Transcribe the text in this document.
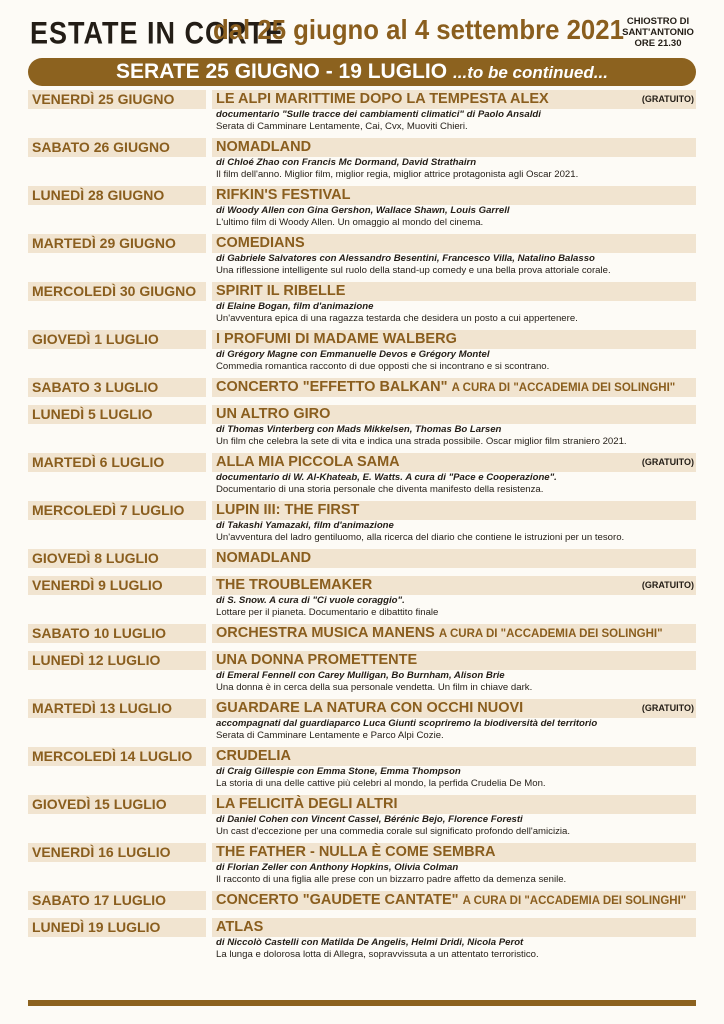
ESTATE IN CORTE
dal 25 giugno al 4 settembre 2021 CHIOSTRO DI
SANT'ANTONIO
ORE 21.30
SERATE 25 GIUGNO - 19 LUGLIO ...to be continued...
VENERDÌ 25 GIUGNO	LE ALPI MARITTIME DOPO LA TEMPESTA ALEX	(GRATUITO)
documentario "Sulle tracce dei cambiamenti climatici" di Paolo Ansaldi
Serata di Camminare Lentamente, Cai, Cvx, Muoviti Chieri.
SABATO 26 GIUGNO	NOMADLAND
di Chloé Zhao con Francis Mc Dormand, David Strathairn
Il film dell'anno. Miglior film, miglior regia, miglior attrice protagonista agli Oscar 2021.
LUNEDÌ 28 GIUGNO	RIFKIN'S FESTIVAL
di Woody Allen con Gina Gershon, Wallace Shawn, Louis Garrell
L'ultimo film di Woody Allen. Un omaggio al mondo del cinema.
MARTEDÌ 29 GIUGNO	COMEDIANS
di Gabriele Salvatores con Alessandro Besentini, Francesco Villa, Natalino Balasso
Una riflessione intelligente sul ruolo della stand-up comedy e una bella prova attoriale corale.
MERCOLEDÌ 30 GIUGNO	SPIRIT IL RIBELLE
di Elaine Bogan, film d'animazione
Un'avventura epica di una ragazza testarda che desidera un posto a cui appertenere.
GIOVEDÌ 1 LUGLIO	I PROFUMI DI MADAME WALBERG
di Grégory Magne con Emmanuelle Devos e Grégory Montel
Commedia romantica racconto di due opposti che si incontrano e si scontrano.
SABATO 3 LUGLIO	CONCERTO "EFFETTO BALKAN" A CURA DI "ACCADEMIA DEI SOLINGHI"
LUNEDÌ 5 LUGLIO	UN ALTRO GIRO
di Thomas Vinterberg con Mads Mikkelsen, Thomas Bo Larsen
Un film che celebra la sete di vita e indica una strada possibile. Oscar miglior film straniero 2021.
MARTEDÌ 6 LUGLIO	ALLA MIA PICCOLA SAMA	(GRATUITO)
documentario di W. Al-Khateab, E. Watts. A cura di "Pace e Cooperazione".
Documentario di una storia personale che diventa manifesto della resistenza.
MERCOLEDÌ 7 LUGLIO	LUPIN III: THE FIRST
di Takashi Yamazaki, film d'animazione
Un'avventura del ladro gentiluomo, alla ricerca del diario che contiene le istruzioni per un tesoro.
GIOVEDÌ 8 LUGLIO	NOMADLAND
VENERDÌ 9 LUGLIO	THE TROUBLEMAKER	(GRATUITO)
di S. Snow. A cura di "Ci vuole coraggio".
Lottare per il pianeta. Documentario e dibattito finale
SABATO 10 LUGLIO	ORCHESTRA MUSICA MANENS A CURA DI "ACCADEMIA DEI SOLINGHI"
LUNEDÌ 12 LUGLIO	UNA DONNA PROMETTENTE
di Emeral Fennell con Carey Mulligan, Bo Burnham, Alison Brie
Una donna è in cerca della sua personale vendetta. Un film in chiave dark.
MARTEDÌ 13 LUGLIO	GUARDARE LA NATURA CON OCCHI NUOVI	(GRATUITO)
accompagnati dal guardiaparco Luca Giunti scopriremo la biodiversità del territorio
Serata di Camminare Lentamente e Parco Alpi Cozie.
MERCOLEDÌ 14 LUGLIO	CRUDELIA
di Craig Gillespie con Emma Stone, Emma Thompson
La storia di una delle cattive più celebri al mondo, la perfida Crudelia De Mon.
GIOVEDÌ 15 LUGLIO	LA FELICITÀ DEGLI ALTRI
di Daniel Cohen con Vincent Cassel, Bérénic Bejo, Florence Foresti
Un cast d'eccezione per una commedia corale sul significato profondo dell'amicizia.
VENERDÌ 16 LUGLIO	THE FATHER - NULLA È COME SEMBRA
di Florian Zeller con Anthony Hopkins, Olivia Colman
Il racconto di una figlia alle prese con un bizzarro padre affetto da demenza senile.
SABATO 17 LUGLIO	CONCERTO "GAUDETE CANTATE" A CURA DI "ACCADEMIA DEI SOLINGHI"
LUNEDÌ 19 LUGLIO	ATLAS
di Niccolò Castelli con Matilda De Angelis, Helmi Dridi, Nicola Perot
La lunga e dolorosa lotta di Allegra, sopravvissuta a un attentato terroristico.
